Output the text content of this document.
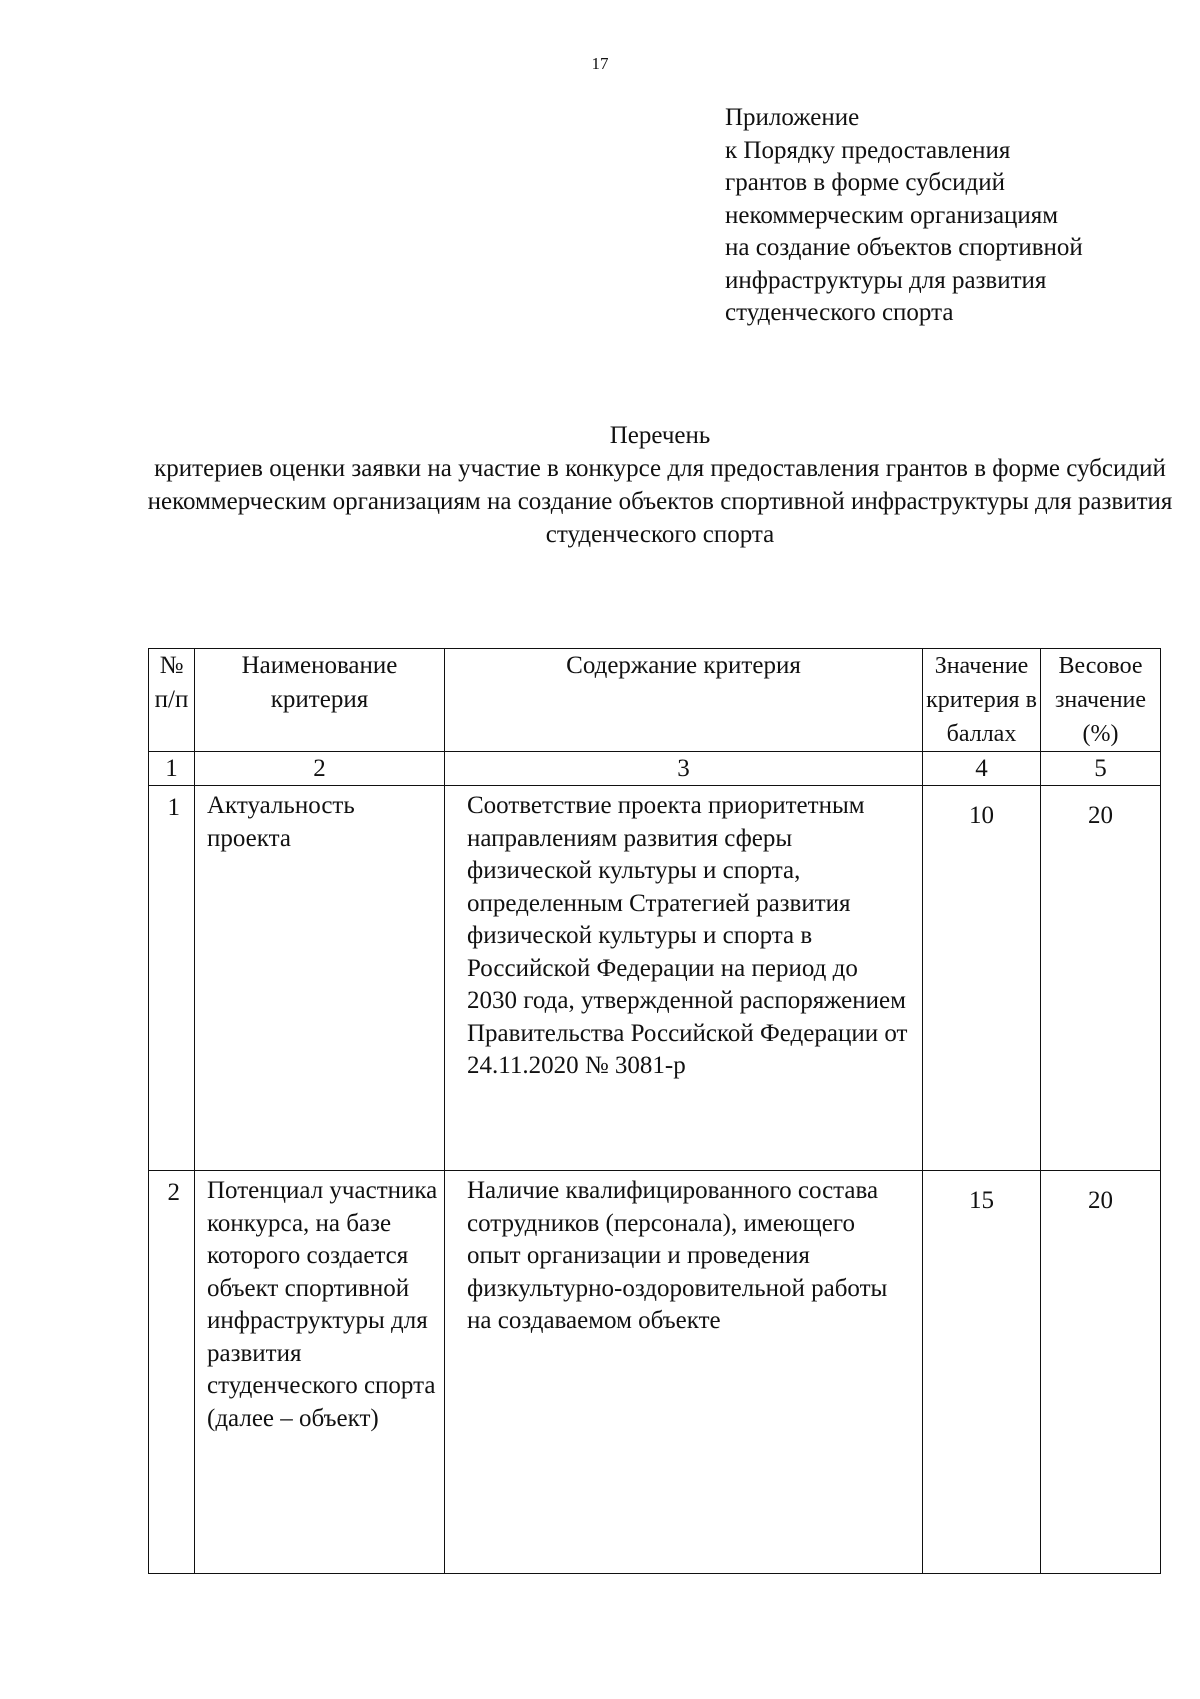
17
Приложение
к Порядку предоставления
грантов в форме субсидий
некоммерческим организациям
на создание объектов спортивной
инфраструктуры для развития
студенческого спорта
Перечень
критериев оценки заявки на участие в конкурсе для предоставления грантов в форме субсидий некоммерческим организациям на создание объектов спортивной инфраструктуры для развития студенческого спорта
№ п/п	Наименование критерия	Содержание критерия	Значение критерия в баллах	Весовое значение (%)
1	2	3	4	5
1	Актуальность проекта	Соответствие проекта приоритетным направлениям развития сферы физической культуры и спорта, определенным Стратегией развития физической культуры и спорта в Российской Федерации на период до 2030 года, утвержденной распоряжением Правительства Российской Федерации от 24.11.2020 № 3081-р	10	20
2	Потенциал участника конкурса, на базе которого создается объект спортивной инфраструктуры для развития студенческого спорта (далее – объект)	Наличие квалифицированного состава сотрудников (персонала), имеющего опыт организации и проведения физкультурно-оздоровительной работы на создаваемом объекте	15	20
